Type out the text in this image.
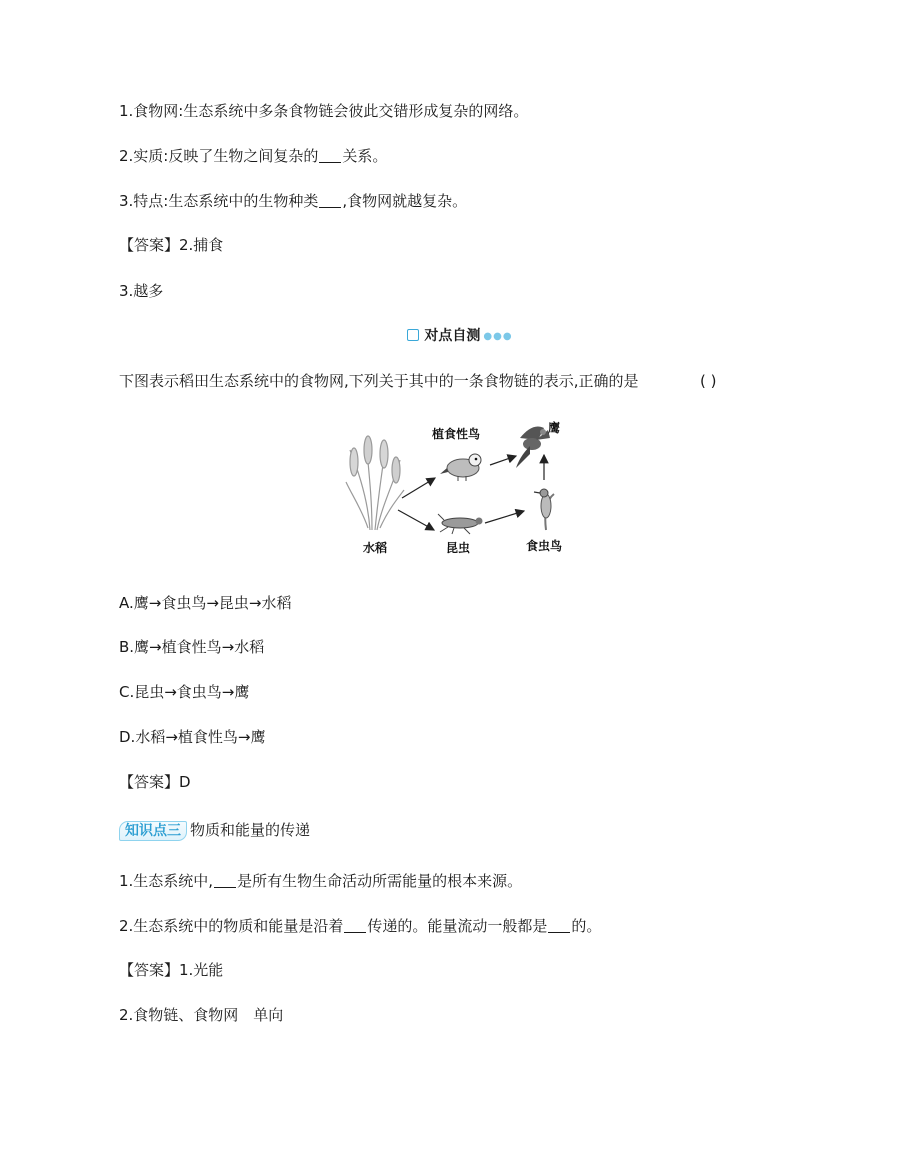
1.食物网:生态系统中多条食物链会彼此交错形成复杂的网络。
2.实质:反映了生物之间复杂的 关系。
3.特点:生态系统中的生物种类 ,食物网就越复杂。
【答案】2.捕食
3.越多
对点自测 ●●●
下图表示稻田生态系统中的食物网,下列关于其中的一条食物链的表示,正确的是	( )
植食性鸟	鹰
水稻	昆虫	食虫鸟
A.鹰→食虫鸟→昆虫→水稻
B.鹰→植食性鸟→水稻
C.昆虫→食虫鸟→鹰
D.水稻→植食性鸟→鹰
【答案】D
知识点三 物质和能量的传递
1.生态系统中, 是所有生物生命活动所需能量的根本来源。
2.生态系统中的物质和能量是沿着 传递的。能量流动一般都是 的。
【答案】1.光能
2.食物链、食物网　单向
